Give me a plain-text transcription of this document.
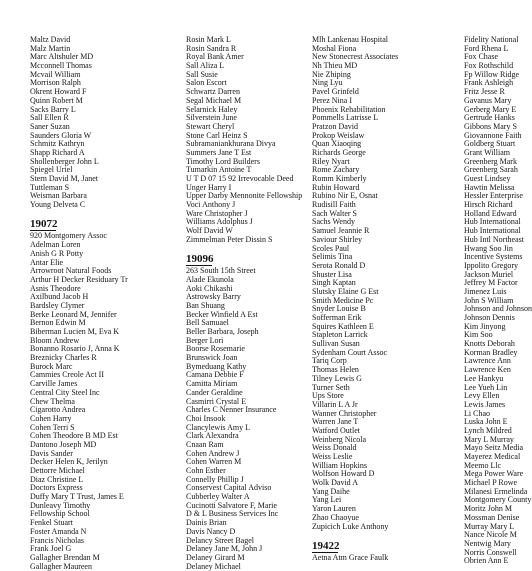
Maltz David
Malz Martin
Marc Altshuler MD
Mcconnell Thomas
Mcvail William
Morrison Ralph
Okrent Howard F
Quinn Robert M
Sacks Barry L
Sall Ellen R
Saner Suzan
Saunders Gloria W
Schmitz Kathryn
Shapp Richard A
Shollenberger John L
Spiegel Uriel
Stern David M, Janet
Tuttleman S
Weisman Barbara
Young Delveta C
19072
920 Montgomery Assoc
Adelman Loren
Anish G R Potty
Antar Elie
Arrowroot Natural Foods
Arthur H Decker Residuary Tr
Asnis Theodore
Axilbund Jacob H
Bardsley Clymer
Berke Leonard M, Jennifer
Bernon Edwin M
Biberman Lucien M, Eva K
Bloom Andrew
Bonanno Rosario J, Anna K
Breznicky Charles R
Burock Marc
Cammies Creole Act II
Carville James
Central City Steel Inc
Chew Thelma
Cigarotto Andrea
Cohen Harry
Cohen Terri S
Cohen Theodore B MD Est
Dantono Joseph MD
Davis Sander
Decker Helen K, Jerilyn
Dettorre Michael
Diaz Christine L
Doctors Express
Duffy Mary T Trust, James E
Dunleavy Timothy
Fellowship School
Fenkel Stuart
Foster Amanda N
Francis Nicholas
Frank Joel G
Gallagher Brendan M
Gallagher Maureen
Rosin Mark L
Rosin Sandra R
Royal Bank Amer
Sall Aliza L
Sall Susie
Salon Escort
Schwartz Darren
Segal Michael M
Selarnick Haley
Silverstein June
Stewart Cheryl
Stone Carl Heinz S
Subramaniankhurana Divya
Summers Jane T Est
Timothy Lord Builders
Tumarkin Antoine T
U T D 07 15 92 Irrevocable Deed
Unger Harry I
Upper Darby Mennonite Fellowship
Voci Anthony J
Ware Christopher J
Williams Adolphus J
Wolf David W
Zimmelman Peter Dissin S
19096
263 South 15th Street
Alade Ekunola
Aoki Chikashi
Astrowsky Barry
Ban Shuang
Becker Winfield A Est
Bell Samuael
Beller Barbara, Joseph
Berger Lori
Boorse Rosemarie
Brunswick Joan
Bymeduang Kathy
Camana Debbie F
Camitta Miriam
Cander Geraldine
Casmirri Crystal E
Charles C Nenner Insurance
Choi Insook
Clancylewis Amy L
Clark Alexandra
Cnaan Ram
Cohen Andrew J
Cohen Warren M
Cohn Esther
Connelly Phillip J
Conservest Capital Adviso
Cubberley Walter A
Cucinotti Salvatore F, Marie
D & L Business Services Inc
Dainis Brian
Davis Nancy D
Delancy Street Bagel
Delaney Jane M, John J
Delaney Girard M
Delaney Michael
Mlh Lankenau Hospital
Moshal Fiona
New Stonecrest Associates
Nh Thieu MD
Nie Zhiping
Ning Lyu
Pavel Grinfeld
Perez Nina I
Phoenix Rehabilitation
Pommells Latrisse L
Pratzon David
Prokop Weislaw
Quan Xiaoqing
Richards George
Riley Nyart
Rome Zachary
Romm Kimberly
Rubin Howard
Rubino Nir E, Osnat
Rudisill Faith
Sach Walter S
Sachs Wendy
Samuel Jeannie R
Saviour Shirley
Scoles Paul
Selimis Tina
Serota Ronald D
Shuster Lisa
Singh Kaptan
Slutsky Elaine G Est
Smith Medicine Pc
Snyder Louise B
Sofferman Erik
Squires Kathleen E
Stapleton Larrick
Sullivan Susan
Sydenham Court Assoc
Tariq Corp
Thomas Helen
Tilney Lewis G
Turner Seth
Ups Store
Villarin L A Jr
Wanner Christopher
Warren Jane T
Watford Outlet
Weinberg Nicola
Weiss Donald
Weiss Leslie
William Hopkins
Wolfson Howard D
Wolk David A
Yang Daihe
Yang Lei
Yaron Lauren
Zhao Chaoyue
Zupicich Luke Anthony
19422
Aetna Atm Grace Faulk
Fidelity National
Ford Rhena L
Fox Chase
Fox Rothschild
Fp Willow Ridge
Frank Ashleigh
Fritz Jesse R
Gavanus Mary
Gerberg Mary E
Gertrude Hanks
Gibbons Mary S
Giovannone Faith
Goldberg Stuart
Grant William
Greenberg Mark
Greenberg Sarah
Guest Lindsey
Hawtin Melissa
Hessler Enterprise
Hirsch Richard
Holland Edward
Hub International
Hub International
Hub Intl Northeast
Hwang Soo Jin
Incentive Systems
Ippolito Gregory
Jackson Muriel
Jeffrey M Factor
Jimenez Luis
John S William
Johnson and Johnson
Johnson Dennis
Kim Jinyong
Kim Soo
Knotts Deborah
Korman Bradley
Lawrence Ann
Lawrence Ken
Lee Hankyu
Lee Yueh Lin
Levy Ellen
Lewis James
Li Chao
Luska John E
Lynch Mildred
Mary L Murray
Mayo Seitz Media
Mayerez Medical
Meemo Llc
Mega Power Ware
Michael P Rowe
Milanesi Ermelinda
Montgomery County
Moritz John M
Mossman Denise
Murray Mary L
Nance Nicole M
Nentwig Mary
Norris Conswell
Obrien Ann E
